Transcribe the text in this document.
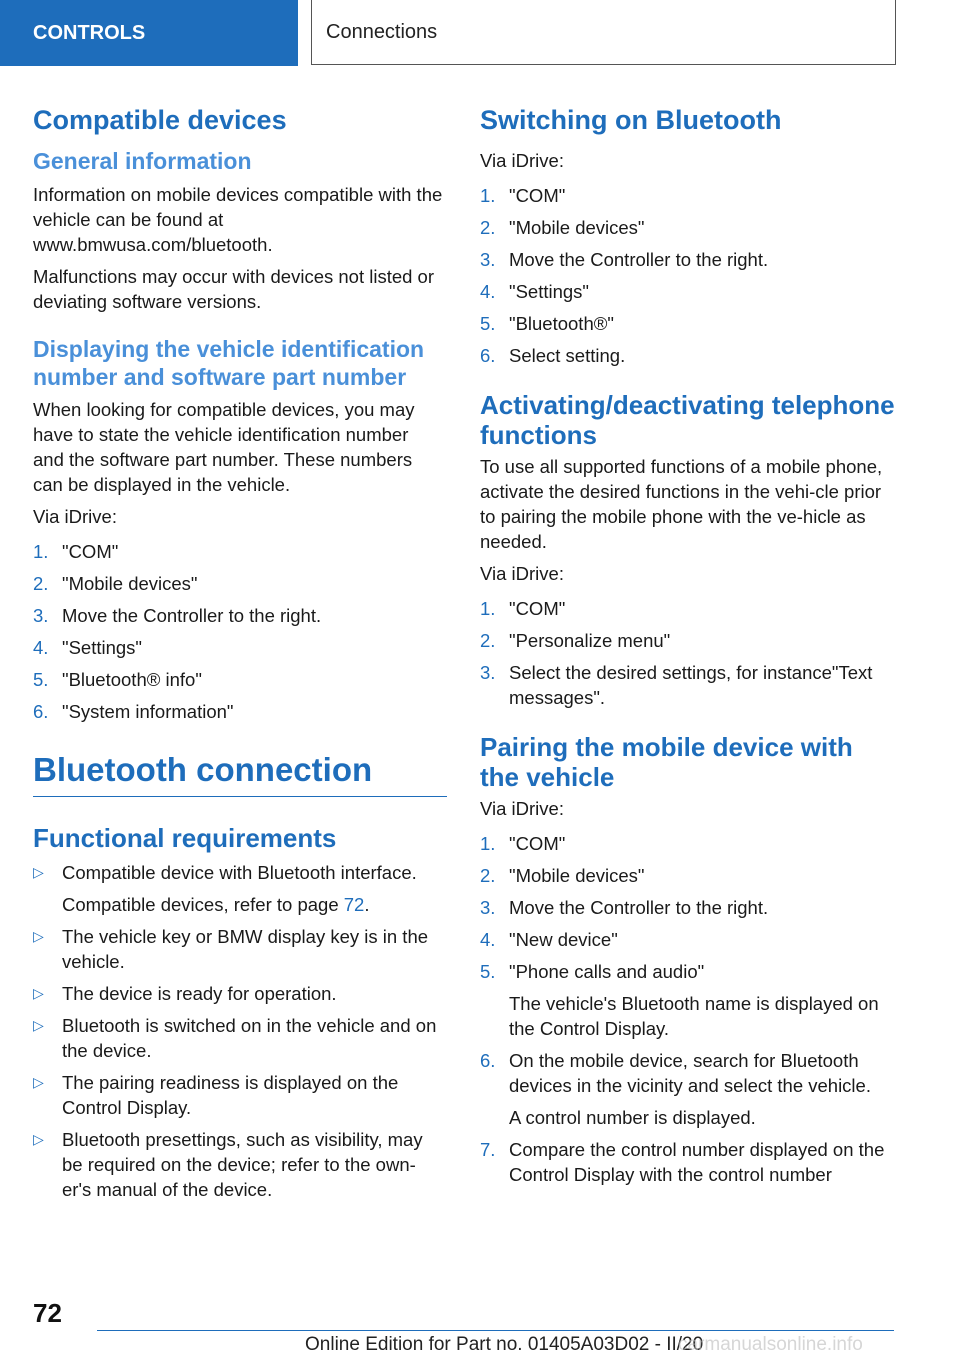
CONTROLS	Connections
Compatible devices
General information

Information on mobile devices compatible with the vehicle can be found at www.bmwusa.com/bluetooth.

Malfunctions may occur with devices not listed or deviating software versions.

Displaying the vehicle identification number and software part number

When looking for compatible devices, you may have to state the vehicle identification number and the software part number. These numbers can be displayed in the vehicle.

Via iDrive:

1. "COM"
2. "Mobile devices"
3. Move the Controller to the right.
4. "Settings"
5. "Bluetooth® info"
6. "System information"
Bluetooth connection
Functional requirements
▷ Compatible device with Bluetooth interface.
Compatible devices, refer to page 72.
▷ The vehicle key or BMW display key is in the vehicle.
▷ The device is ready for operation.
▷ Bluetooth is switched on in the vehicle and on the device.
▷ The pairing readiness is displayed on the Control Display.
▷ Bluetooth presettings, such as visibility, may be required on the device; refer to the own-er's manual of the device.
Switching on Bluetooth

Via iDrive:

1. "COM"
2. "Mobile devices"
3. Move the Controller to the right.
4. "Settings"
5. "Bluetooth®"
6. Select setting.
Activating/deactivating telephone functions

To use all supported functions of a mobile phone, activate the desired functions in the vehi-cle prior to pairing the mobile phone with the ve-hicle as needed.

Via iDrive:

1. "COM"
2. "Personalize menu"
3. Select the desired settings, for instance"Text messages".
Pairing the mobile device with the vehicle

Via iDrive:

1. "COM"
2. "Mobile devices"
3. Move the Controller to the right.
4. "New device"
5. "Phone calls and audio"
The vehicle's Bluetooth name is displayed on the Control Display.
6. On the mobile device, search for Bluetooth devices in the vicinity and select the vehicle.
A control number is displayed.
7. Compare the control number displayed on the Control Display with the control number
72
Online Edition for Part no. 01405A03D02 - II/20
carmanualsonline.info
